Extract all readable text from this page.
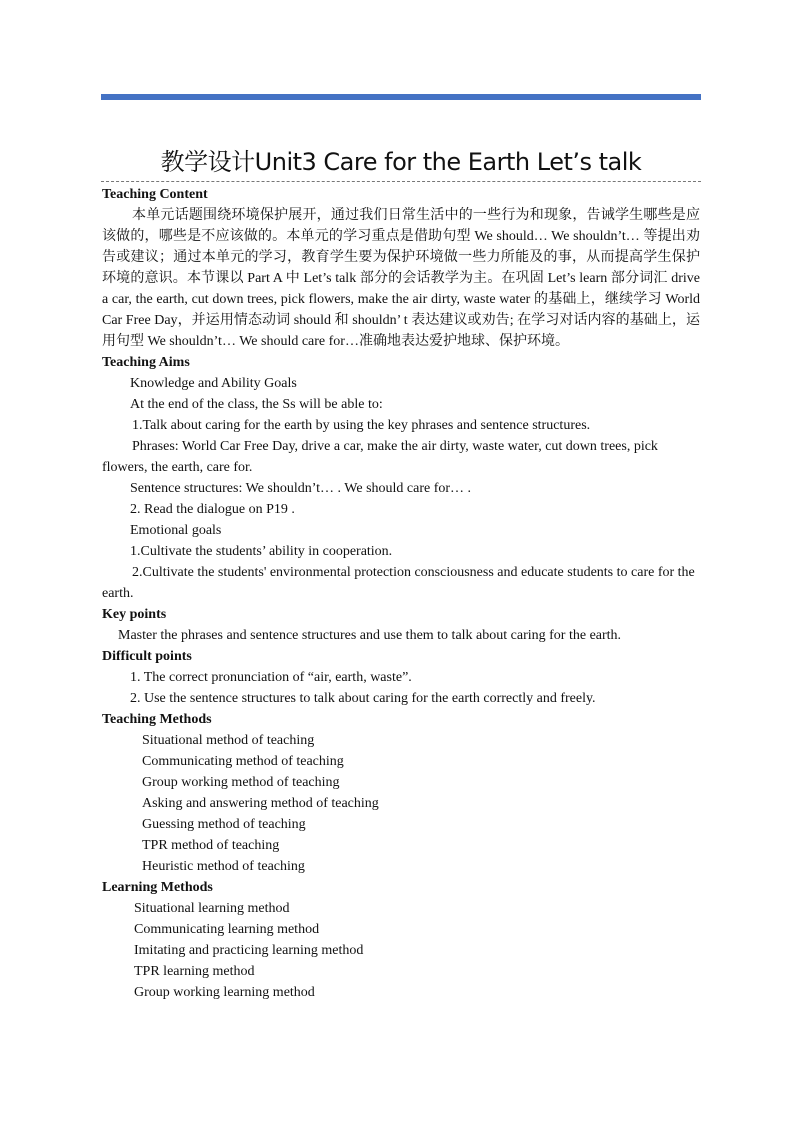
教学设计Unit3 Care for the Earth Let’s talk
Teaching Content
本单元话题围绕环境保护展开，通过我们日常生活中的一些行为和现象，告诫学生哪些是应该做的，哪些是不应该做的。本单元的学习重点是借助句型 We should… We shouldn’t… 等提出劝告或建议；通过本单元的学习，教育学生要为保护环境做一些力所能及的事，从而提高学生保护环境的意识。本节课以 Part A 中 Let’s talk 部分的会话教学为主。在巩固 Let’s learn 部分词汇 drive a car, the earth, cut down trees, pick flowers, make the air dirty, waste water 的基础上，继续学习 World Car Free Day，并运用情态动词 should 和 shouldn’ t 表达建议或劝告; 在学习对话内容的基础上，运用句型 We shouldn’t… We should care for…准确地表达爱护地球、保护环境。
Teaching Aims
Knowledge and Ability Goals
At the end of the class, the Ss will be able to:
1.Talk about caring for the earth by using the key phrases and sentence structures.
Phrases: World Car Free Day, drive a car, make the air dirty, waste water, cut down trees, pick flowers, the earth, care for.
Sentence structures: We shouldn’t… . We should care for… .
2. Read the dialogue on P19 .
Emotional goals
1.Cultivate the students’ ability in cooperation.
2.Cultivate the students' environmental protection consciousness and educate students to care for the earth.
Key points
Master the phrases and sentence structures and use them to talk about caring for the earth.
Difficult points
1. The correct pronunciation of “air, earth, waste”.
2. Use the sentence structures to talk about caring for the earth correctly and freely.
Teaching Methods
Situational method of teaching
Communicating method of teaching
Group working method of teaching
Asking and answering method of teaching
Guessing method of teaching
TPR method of teaching
Heuristic method of teaching
Learning Methods
Situational learning method
Communicating learning method
Imitating and practicing learning method
TPR learning method
Group working learning method
